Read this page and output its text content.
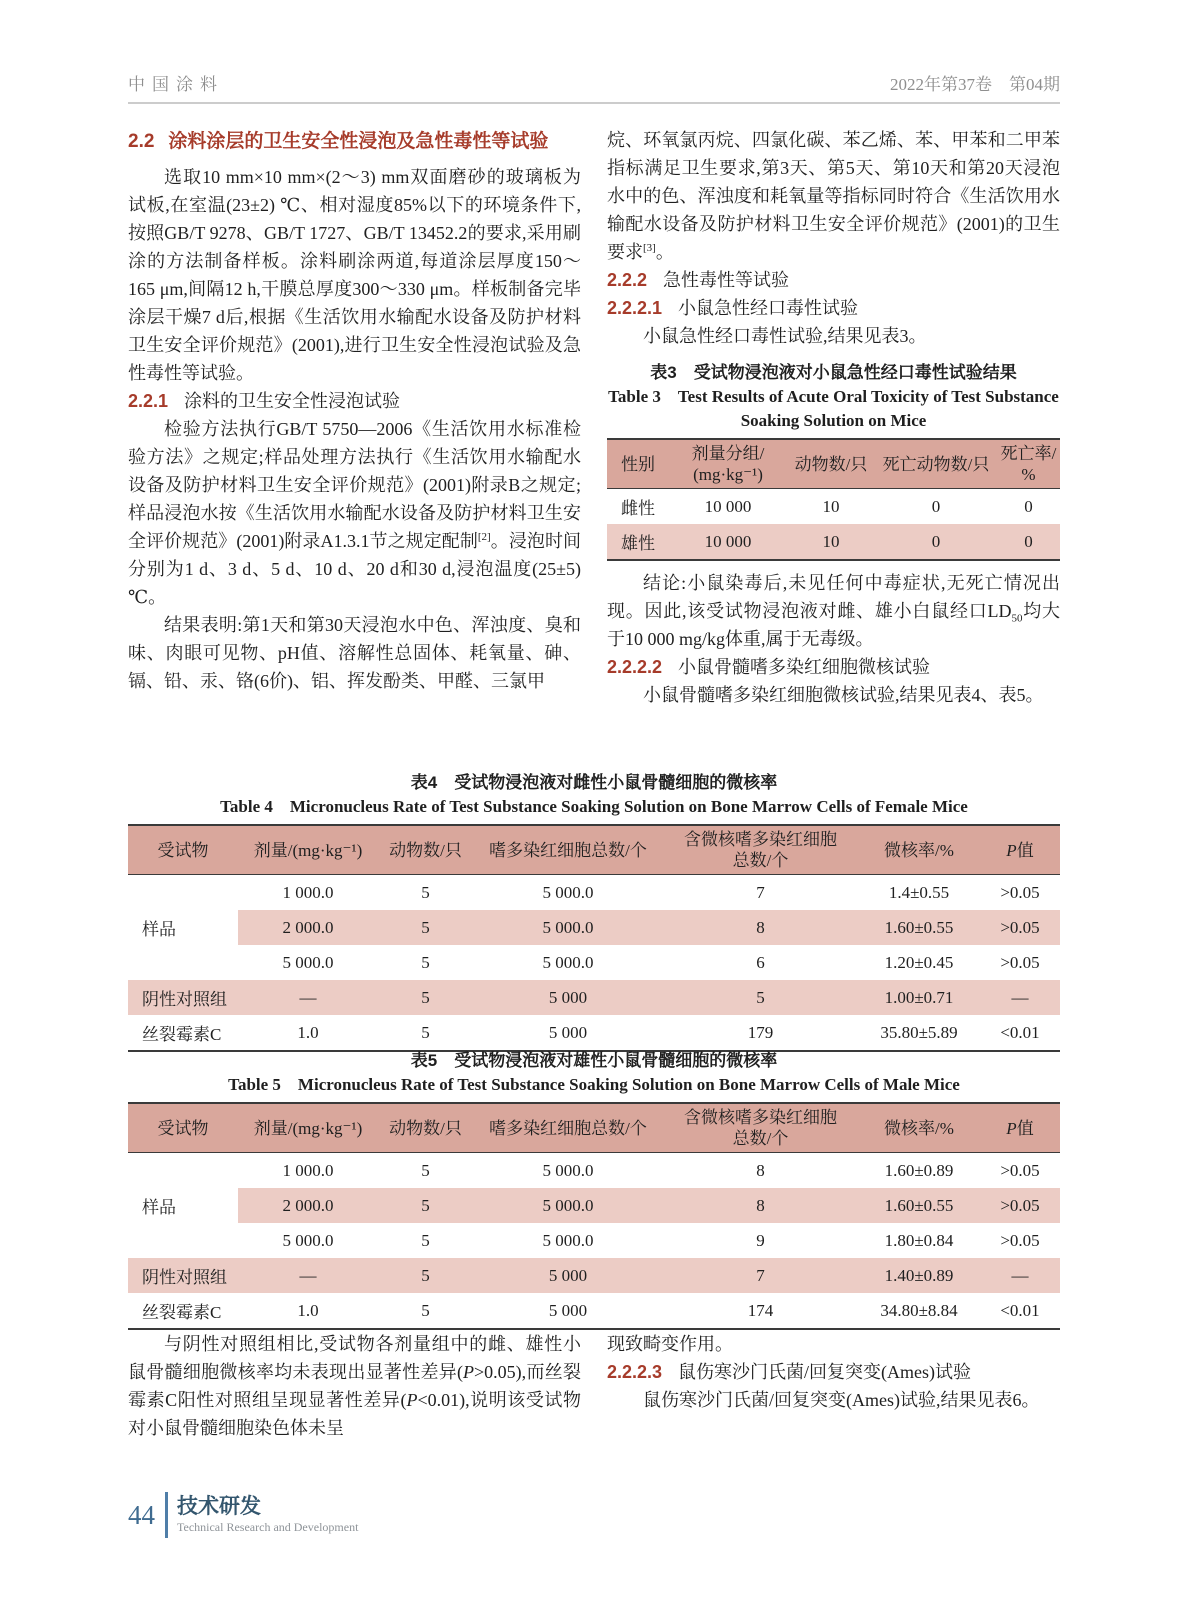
中国涂料	2022年第37卷　第04期
2.2 涂料涂层的卫生安全性浸泡及急性毒性等试验

选取10 mm×10 mm×(2～3) mm双面磨砂的玻璃板为试板,在室温(23±2) ℃、相对湿度85%以下的环境条件下,按照GB/T 9278、GB/T 1727、GB/T 13452.2的要求,采用刷涂的方法制备样板。涂料刷涂两道,每道涂层厚度150～165 μm,间隔12 h,干膜总厚度300～330 μm。样板制备完毕涂层干燥7 d后,根据《生活饮用水输配水设备及防护材料卫生安全评价规范》(2001),进行卫生安全性浸泡试验及急性毒性等试验。

2.2.1 涂料的卫生安全性浸泡试验

检验方法执行GB/T 5750—2006《生活饮用水标准检验方法》之规定;样品处理方法执行《生活饮用水输配水设备及防护材料卫生安全评价规范》(2001)附录B之规定;样品浸泡水按《生活饮用水输配水设备及防护材料卫生安全评价规范》(2001)附录A1.3.1节之规定配制[2]。浸泡时间分别为1 d、3 d、5 d、10 d、20 d和30 d,浸泡温度(25±5) ℃。

结果表明:第1天和第30天浸泡水中色、浑浊度、臭和味、肉眼可见物、pH值、溶解性总固体、耗氧量、砷、镉、铅、汞、铬(6价)、铝、挥发酚类、甲醛、三氯甲

烷、环氧氯丙烷、四氯化碳、苯乙烯、苯、甲苯和二甲苯指标满足卫生要求,第3天、第5天、第10天和第20天浸泡水中的色、浑浊度和耗氧量等指标同时符合《生活饮用水输配水设备及防护材料卫生安全评价规范》(2001)的卫生要求[3]。

2.2.2 急性毒性等试验
2.2.2.1 小鼠急性经口毒性试验

小鼠急性经口毒性试验,结果见表3。

表3　受试物浸泡液对小鼠急性经口毒性试验结果
Table 3　Test Results of Acute Oral Toxicity of Test Substance Soaking Solution on Mice
性别	剂量分组/
(mg·kg⁻¹)	动物数/只	死亡动物数/只	死亡率/
%
雌性	10 000	10	0	0
雄性	10 000	10	0	0

结论:小鼠染毒后,未见任何中毒症状,无死亡情况出现。因此,该受试物浸泡液对雌、雄小白鼠经口$LD_{50}$均大于10 000 mg/kg体重,属于无毒级。

2.2.2.2 小鼠骨髓嗜多染红细胞微核试验

小鼠骨髓嗜多染红细胞微核试验,结果见表4、表5。

表4　受试物浸泡液对雌性小鼠骨髓细胞的微核率
Table 4　Micronucleus Rate of Test Substance Soaking Solution on Bone Marrow Cells of Female Mice
受试物	剂量/(mg·kg⁻¹)	动物数/只	嗜多染红细胞总数/个	含微核嗜多染红细胞
总数/个	微核率/%	P值
样品	1 000.0	5	5 000.0	7	1.4±0.55	>0.05
	2 000.0	5	5 000.0	8	1.60±0.55	>0.05
	5 000.0	5	5 000.0	6	1.20±0.45	>0.05
阴性对照组	—	5	5 000	5	1.00±0.71	—
丝裂霉素C	1.0	5	5 000	179	35.80±5.89	<0.01
表5　受试物浸泡液对雄性小鼠骨髓细胞的微核率
Table 5　Micronucleus Rate of Test Substance Soaking Solution on Bone Marrow Cells of Male Mice
受试物	剂量/(mg·kg⁻¹)	动物数/只	嗜多染红细胞总数/个	含微核嗜多染红细胞
总数/个	微核率/%	P值
样品	1 000.0	5	5 000.0	8	1.60±0.89	>0.05
	2 000.0	5	5 000.0	8	1.60±0.55	>0.05
	5 000.0	5	5 000.0	9	1.80±0.84	>0.05
阴性对照组	—	5	5 000	7	1.40±0.89	—
丝裂霉素C	1.0	5	5 000	174	34.80±8.84	<0.01

与阴性对照组相比,受试物各剂量组中的雌、雄性小鼠骨髓细胞微核率均未表现出显著性差异(P>0.05),而丝裂霉素C阳性对照组呈现显著性差异(P<0.01),说明该受试物对小鼠骨髓细胞染色体未呈

现致畸变作用。

2.2.2.3 鼠伤寒沙门氏菌/回复突变(Ames)试验

鼠伤寒沙门氏菌/回复突变(Ames)试验,结果见表6。

44 技术研发
Technical Research and Development
